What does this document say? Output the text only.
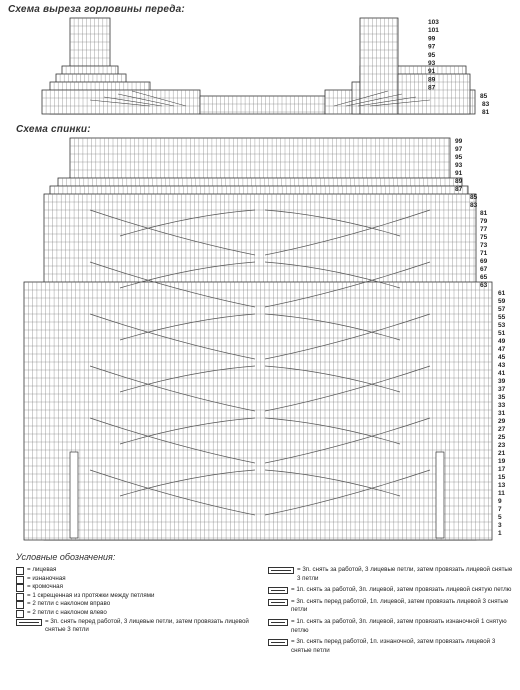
Схема выреза горловины переда:
Схема спинки:
103
101
99
97
95
93
91
89
87
85
83
81
99
97
95
93
91
89
87
85
83
81
79
77
75
73
71
69
67
65
63
61
59
57
55
53
51
49
47
45
43
41
39
37
35
33
31
29
27
25
23
21
19
17
15
13
11
9
7
5
3
1
Условные обозначения:
= лицевая
= изнаночная
= кромочная
= 1 скрещенная из протяжки между петлями
= 2 петли с наклоном вправо
= 2 петли с наклоном влево
= 3п. снять перед работой, 3 лицевые петли, затем провязать лицевой снятые 3 петли
= 3п. снять за работой, 3 лицевые петли, затем провязать лицевой снятые 3 петли
= 1п. снять за работой, 3п. лицевой, затем провязать лицевой снятую петлю
= 3п. снять перед работой, 1п. лицевой, затем провязать лицевой 3 снятые петли
= 1п. снять за работой, 3п. лицевой, затем провязать изнаночной 1 снятую петлю
= 3п. снять перед работой, 1п. изнаночной, затем провязать лицевой 3 снятые петли
